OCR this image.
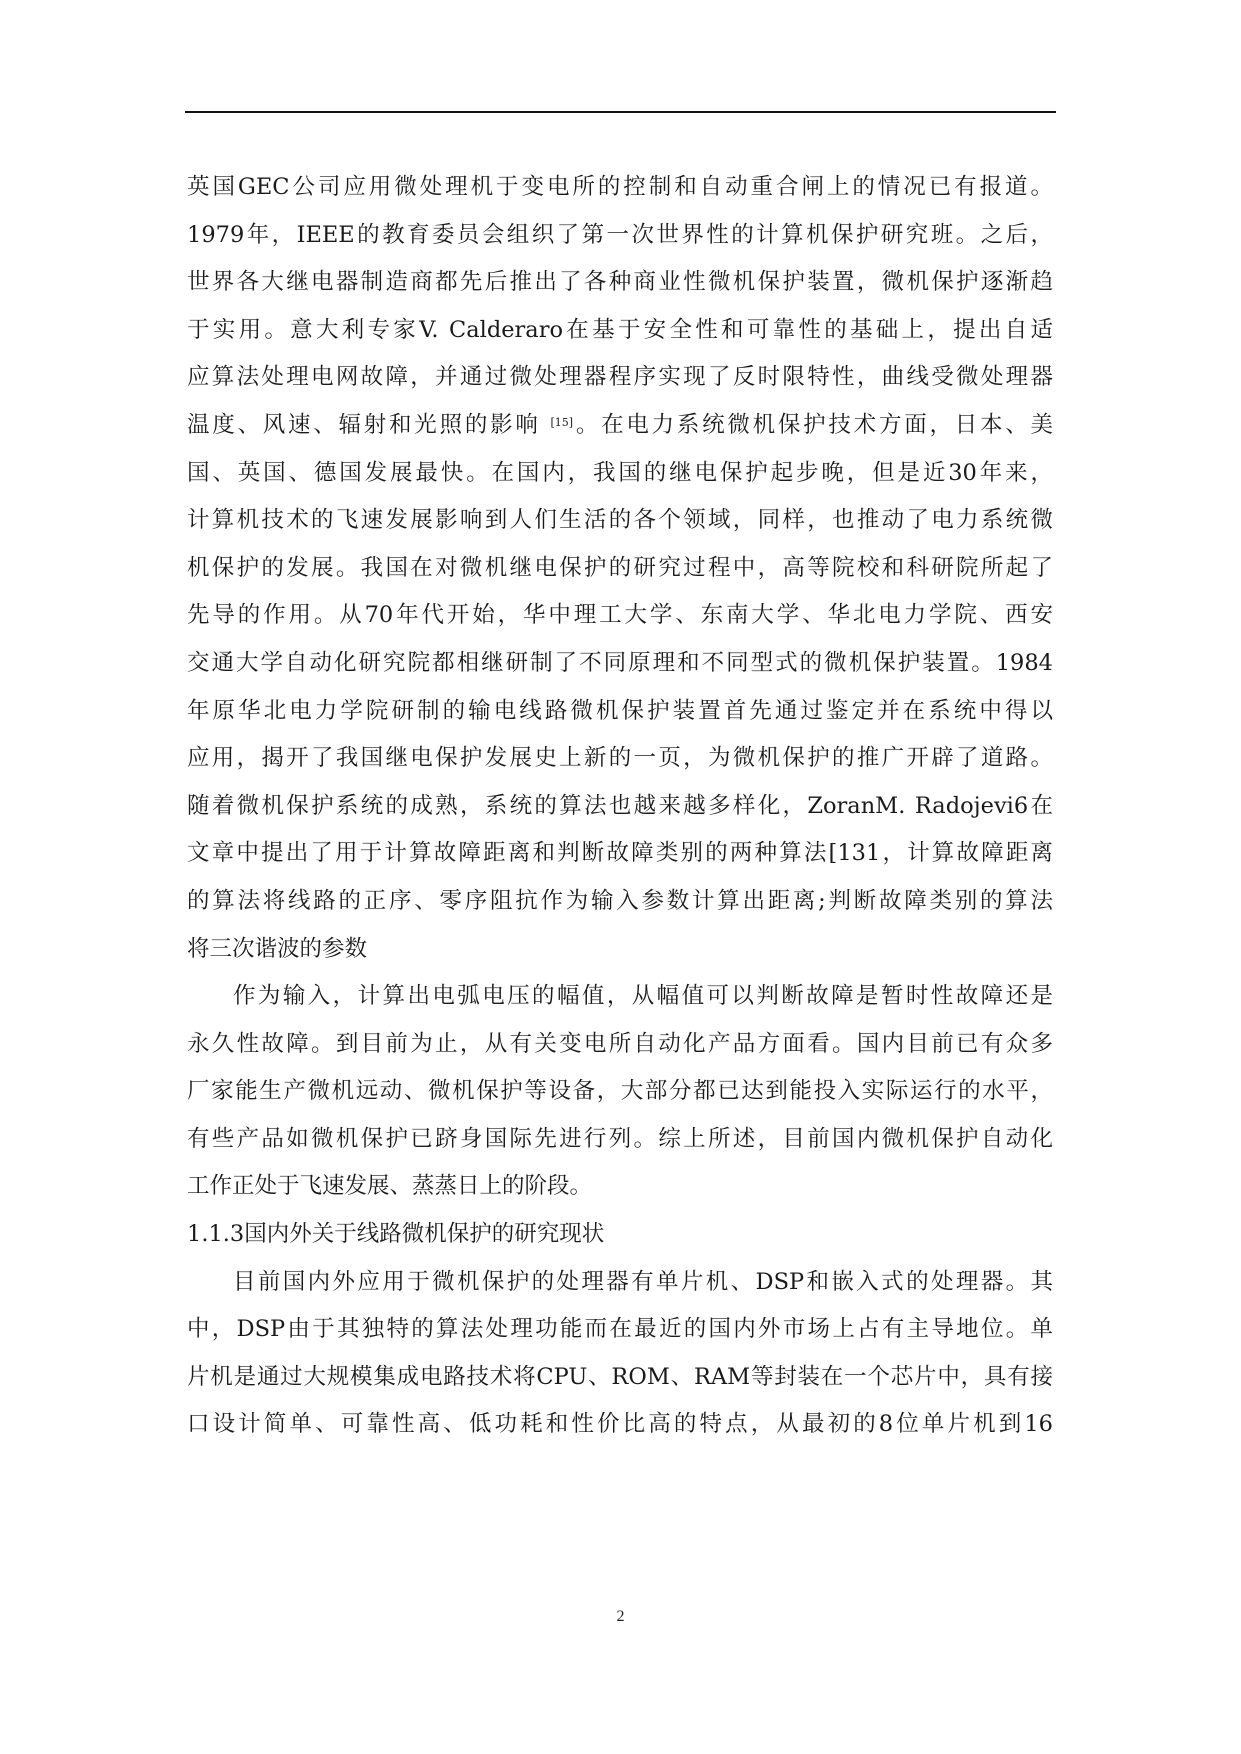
英国GEC公司应用微处理机于变电所的控制和自动重合闸上的情况已有报道。
1979年，IEEE的教育委员会组织了第一次世界性的计算机保护研究班。之后，
世界各大继电器制造商都先后推出了各种商业性微机保护装置，微机保护逐渐趋
于实用。意大利专家V. Calderaro在基于安全性和可靠性的基础上，提出自适
应算法处理电网故障，并通过微处理器程序实现了反时限特性，曲线受微处理器
温度、风速、辐射和光照的影响 [15]。在电力系统微机保护技术方面，日本、美
国、英国、德国发展最快。在国内，我国的继电保护起步晚，但是近30年来，
计算机技术的飞速发展影响到人们生活的各个领域，同样，也推动了电力系统微
机保护的发展。我国在对微机继电保护的研究过程中，高等院校和科研院所起了
先导的作用。从70年代开始，华中理工大学、东南大学、华北电力学院、西安
交通大学自动化研究院都相继研制了不同原理和不同型式的微机保护装置。1984
年原华北电力学院研制的输电线路微机保护装置首先通过鉴定并在系统中得以
应用，揭开了我国继电保护发展史上新的一页，为微机保护的推广开辟了道路。
随着微机保护系统的成熟，系统的算法也越来越多样化，ZoranM. Radojevi6在
文章中提出了用于计算故障距离和判断故障类别的两种算法[131，计算故障距离
的算法将线路的正序、零序阻抗作为输入参数计算出距离;判断故障类别的算法
将三次谐波的参数
作为输入，计算出电弧电压的幅值，从幅值可以判断故障是暂时性故障还是
永久性故障。到目前为止，从有关变电所自动化产品方面看。国内目前已有众多
厂家能生产微机远动、微机保护等设备，大部分都已达到能投入实际运行的水平，
有些产品如微机保护已跻身国际先进行列。综上所述，目前国内微机保护自动化
工作正处于飞速发展、蒸蒸日上的阶段。
1.1.3国内外关于线路微机保护的研究现状
目前国内外应用于微机保护的处理器有单片机、DSP和嵌入式的处理器。其
中，DSP由于其独特的算法处理功能而在最近的国内外市场上占有主导地位。单
片机是通过大规模集成电路技术将CPU、ROM、RAM等封装在一个芯片中，具有接
口设计简单、可靠性高、低功耗和性价比高的特点，从最初的8位单片机到16
2
